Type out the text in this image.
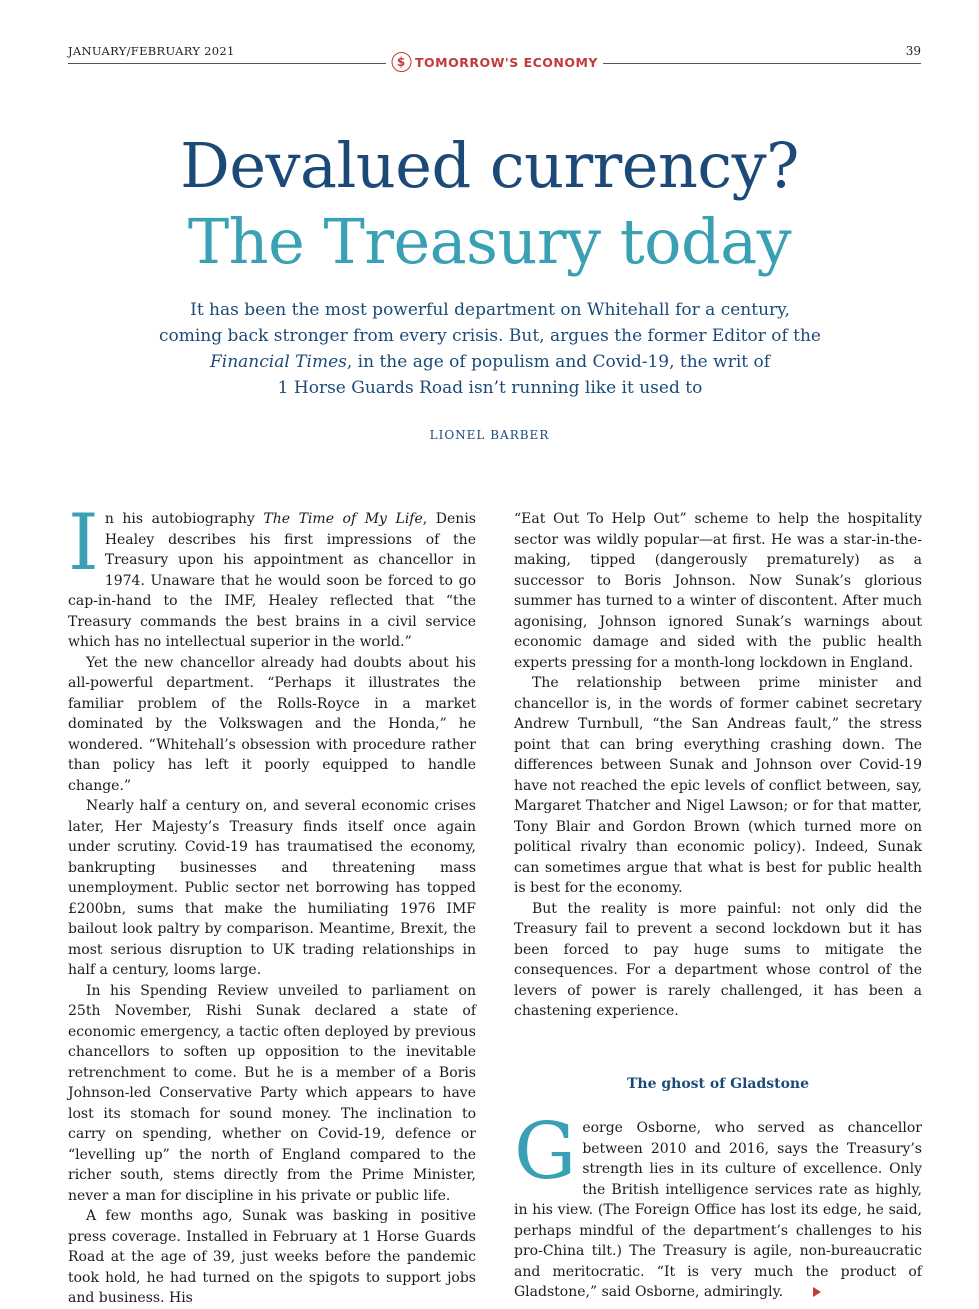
JANUARY/FEBRUARY 2021
$ TOMORROW'S ECONOMY
39
Devalued currency?
The Treasury today
It has been the most powerful department on Whitehall for a century,
coming back stronger from every crisis. But, argues the former Editor of the
Financial Times, in the age of populism and Covid-19, the writ of
1 Horse Guards Road isn’t running like it used to
LIONEL BARBER

In his autobiography The Time of My Life, Denis Healey describes his first impressions of the Treasury upon his appointment as chancellor in 1974. Unaware that he would soon be forced to go cap-in-hand to the IMF, Healey reflected that “the Treasury commands the best brains in a civil service which has no intellectual superior in the world.”

Yet the new chancellor already had doubts about his all-powerful department. “Perhaps it illustrates the familiar problem of the Rolls-Royce in a market dominated by the Volkswagen and the Honda,” he wondered. “Whitehall’s obsession with procedure rather than policy has left it poorly equipped to handle change.”

Nearly half a century on, and several economic crises later, Her Majesty’s Treasury finds itself once again under scrutiny. Covid-19 has traumatised the economy, bankrupting businesses and threatening mass unemployment. Public sector net borrowing has topped £200bn, sums that make the humiliating 1976 IMF bailout look paltry by comparison. Meantime, Brexit, the most serious disruption to UK trading relationships in half a century, looms large.

In his Spending Review unveiled to parliament on 25th November, Rishi Sunak declared a state of economic emergency, a tactic often deployed by previous chancellors to soften up opposition to the inevitable retrenchment to come. But he is a member of a Boris Johnson-led Conservative Party which appears to have lost its stomach for sound money. The inclination to carry on spending, whether on Covid-19, defence or “levelling up” the north of England compared to the richer south, stems directly from the Prime Minister, never a man for discipline in his private or public life.

A few months ago, Sunak was basking in positive press coverage. Installed in February at 1 Horse Guards Road at the age of 39, just weeks before the pandemic took hold, he had turned on the spigots to support jobs and business. His

“Eat Out To Help Out” scheme to help the hospitality sector was wildly popular—at first. He was a star-in-the-making, tipped (dangerously prematurely) as a successor to Boris Johnson. Now Sunak’s glorious summer has turned to a winter of discontent. After much agonising, Johnson ignored Sunak’s warnings about economic damage and sided with the public health experts pressing for a month-long lockdown in England.

The relationship between prime minister and chancellor is, in the words of former cabinet secretary Andrew Turnbull, “the San Andreas fault,” the stress point that can bring everything crashing down. The differences between Sunak and Johnson over Covid-19 have not reached the epic levels of conflict between, say, Margaret Thatcher and Nigel Lawson; or for that matter, Tony Blair and Gordon Brown (which turned more on political rivalry than economic policy). Indeed, Sunak can sometimes argue that what is best for public health is best for the economy.

But the reality is more painful: not only did the Treasury fail to prevent a second lockdown but it has been forced to pay huge sums to mitigate the consequences. For a department whose control of the levers of power is rarely challenged, it has been a chastening experience.

The ghost of Gladstone

George Osborne, who served as chancellor between 2010 and 2016, says the Treasury’s strength lies in its culture of excellence. Only the British intelligence services rate as highly, in his view. (The Foreign Office has lost its edge, he said, perhaps mindful of the department’s challenges to his pro-China tilt.) The Treasury is agile, non-bureaucratic and meritocratic. “It is very much the product of Gladstone,” said Osborne, admiringly.
